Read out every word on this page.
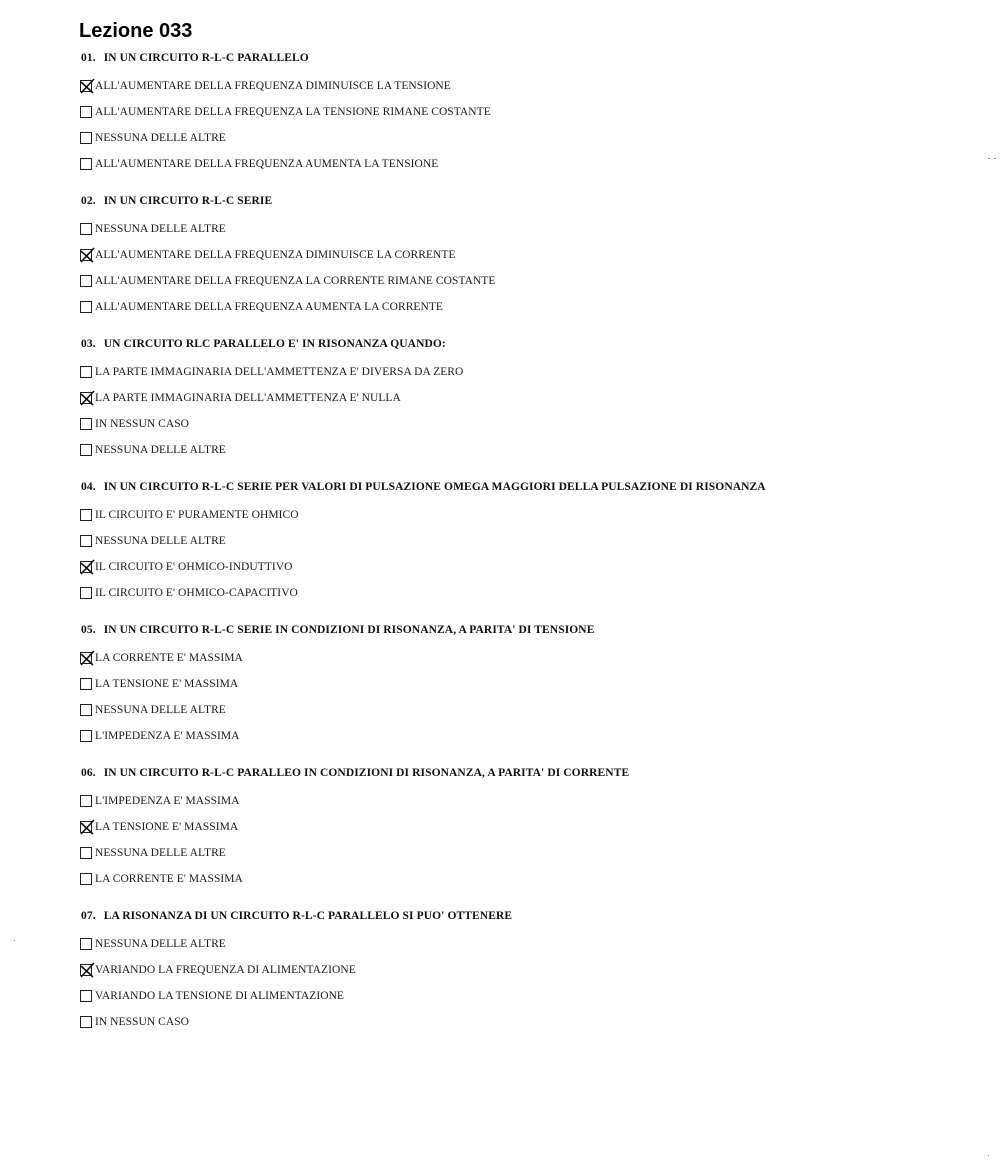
Lezione 033
01. IN UN CIRCUITO R-L-C PARALLELO
ALL'AUMENTARE DELLA FREQUENZA DIMINUISCE LA TENSIONE
ALL'AUMENTARE DELLA FREQUENZA LA TENSIONE RIMANE COSTANTE
NESSUNA DELLE ALTRE
ALL'AUMENTARE DELLA FREQUENZA AUMENTA LA TENSIONE
02. IN UN CIRCUITO R-L-C SERIE
NESSUNA DELLE ALTRE
ALL'AUMENTARE DELLA FREQUENZA DIMINUISCE LA CORRENTE
ALL'AUMENTARE DELLA FREQUENZA LA CORRENTE RIMANE COSTANTE
ALL'AUMENTARE DELLA FREQUENZA AUMENTA LA CORRENTE
03. UN CIRCUITO RLC PARALLELO E' IN RISONANZA QUANDO:
LA PARTE IMMAGINARIA DELL'AMMETTENZA E' DIVERSA DA ZERO
LA PARTE IMMAGINARIA DELL'AMMETTENZA E' NULLA
IN NESSUN CASO
NESSUNA DELLE ALTRE
04. IN UN CIRCUITO R-L-C SERIE PER VALORI DI PULSAZIONE OMEGA MAGGIORI DELLA PULSAZIONE DI RISONANZA
IL CIRCUITO E' PURAMENTE OHMICO
NESSUNA DELLE ALTRE
IL CIRCUITO E' OHMICO-INDUTTIVO
IL CIRCUITO E' OHMICO-CAPACITIVO
05. IN UN CIRCUITO R-L-C SERIE IN CONDIZIONI DI RISONANZA, A PARITA' DI TENSIONE
LA CORRENTE E' MASSIMA
LA TENSIONE E' MASSIMA
NESSUNA DELLE ALTRE
L'IMPEDENZA E' MASSIMA
06. IN UN CIRCUITO R-L-C PARALLEO IN CONDIZIONI DI RISONANZA, A PARITA' DI CORRENTE
L'IMPEDENZA E' MASSIMA
LA TENSIONE E' MASSIMA
NESSUNA DELLE ALTRE
LA CORRENTE E' MASSIMA
07. LA RISONANZA DI UN CIRCUITO R-L-C PARALLELO SI PUO' OTTENERE
NESSUNA DELLE ALTRE
VARIANDO LA FREQUENZA DI ALIMENTAZIONE
VARIANDO LA TENSIONE DI ALIMENTAZIONE
IN NESSUN CASO
